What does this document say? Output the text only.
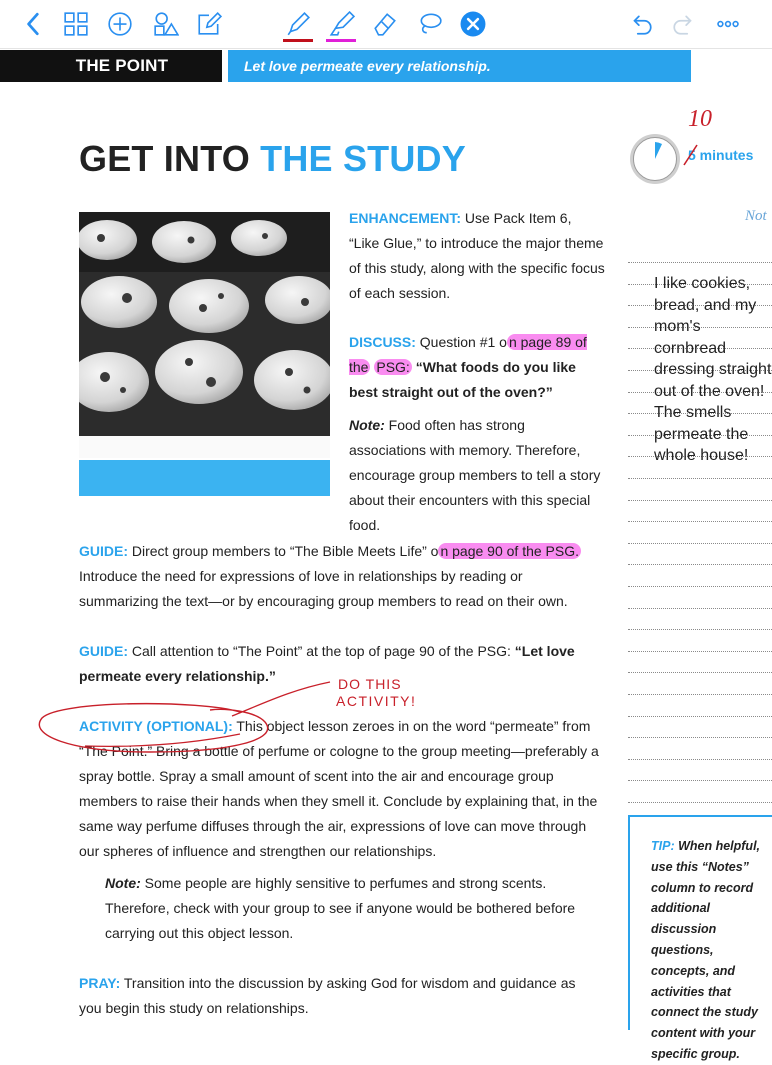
THE POINT	Let love permeate every relationship.
GET INTO THE STUDY	5 minutes
10

ENHANCEMENT: Use Pack Item 6, “Like Glue,” to introduce the major theme of this study, along with the specific focus of each session.

DISCUSS: Question #1 o n page 89 of the PSG: “What foods do you like best straight out of the oven?”

Note: Food often has strong associations with memory. Therefore, encourage group members to tell a story about their encounters with this special food.

GUIDE: Direct group members to “The Bible Meets Life” o n page 90 of the PSG. Introduce the need for expressions of love in relationships by reading or summarizing the text—or by encouraging group members to read on their own.
GUIDE: Call attention to “The Point” at the top of page 90 of the PSG: “Let love permeate every relationship.”
ACTIVITY (OPTIONAL): This object lesson zeroes in on the word “permeate” from “The Point.” Bring a bottle of perfume or cologne to the group meeting—preferably a spray bottle. Spray a small amount of scent into the air and encourage group members to raise their hands when they smell it. Conclude by explaining that, in the same way perfume diffuses through the air, expressions of love can move through our spheres of influence and strengthen our relationships.
Note: Some people are highly sensitive to perfumes and strong scents. Therefore, check with your group to see if anyone would be bothered before carrying out this object lesson.
PRAY: Transition into the discussion by asking God for wisdom and guidance as you begin this study on relationships.
Not
I like cookies, bread, and my mom's cornbread dressing straight out of the oven! The smells permeate the whole house!
TIP: When helpful, use this “Notes” column to record additional discussion questions, concepts, and activities that connect the study content with your specific group.
DO THIS
ACTIVITY!
